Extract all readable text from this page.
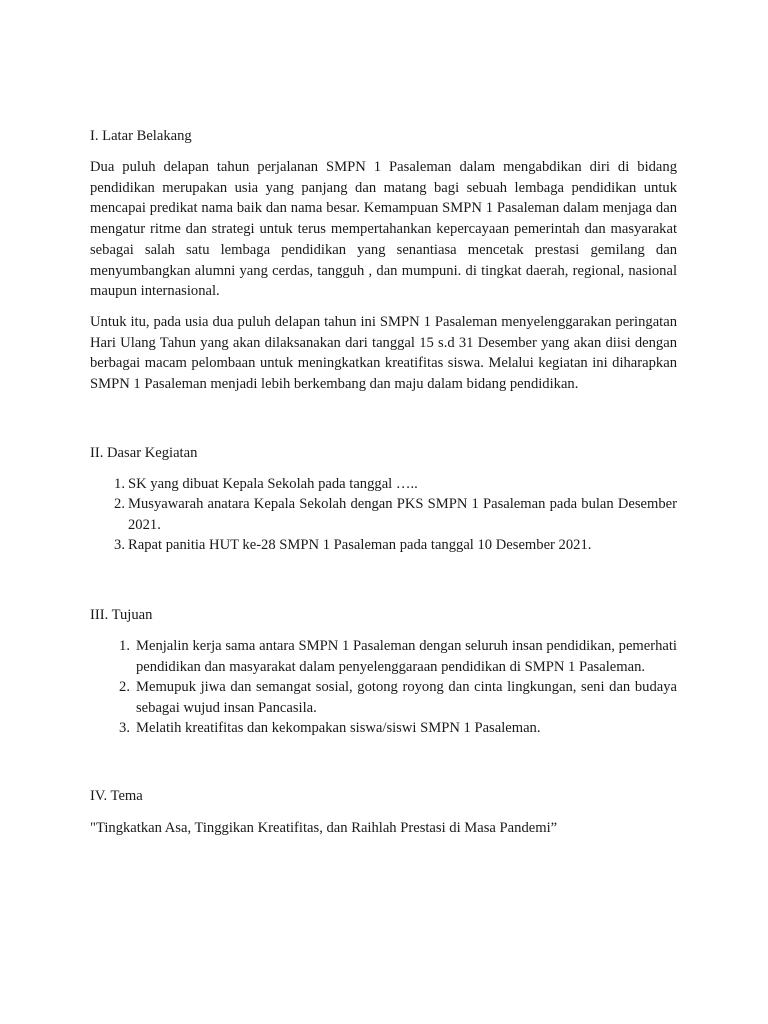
I. Latar Belakang

Dua puluh delapan tahun perjalanan SMPN 1 Pasaleman dalam mengabdikan diri di bidang pendidikan merupakan usia yang panjang dan matang bagi sebuah lembaga pendidikan untuk mencapai predikat nama baik dan nama besar. Kemampuan SMPN 1 Pasaleman dalam menjaga dan mengatur ritme dan strategi untuk terus mempertahankan kepercayaan pemerintah dan masyarakat sebagai salah satu lembaga pendidikan yang senantiasa mencetak prestasi gemilang dan menyumbangkan alumni yang cerdas, tangguh , dan mumpuni. di tingkat daerah, regional, nasional maupun internasional.

Untuk itu, pada usia dua puluh delapan tahun ini SMPN 1 Pasaleman menyelenggarakan peringatan Hari Ulang Tahun yang akan dilaksanakan dari tanggal 15 s.d 31 Desember yang akan diisi dengan berbagai macam pelombaan untuk meningkatkan kreatifitas siswa. Melalui kegiatan ini diharapkan SMPN 1 Pasaleman menjadi lebih berkembang dan maju dalam bidang pendidikan.

II. Dasar Kegiatan

1. SK yang dibuat Kepala Sekolah pada tanggal …..
2. Musyawarah anatara Kepala Sekolah dengan PKS SMPN 1 Pasaleman pada bulan Desember 2021.
3. Rapat panitia HUT ke-28 SMPN 1 Pasaleman pada tanggal 10 Desember 2021.

III. Tujuan

1. Menjalin kerja sama antara SMPN 1 Pasaleman dengan seluruh insan pendidikan, pemerhati pendidikan dan masyarakat dalam penyelenggaraan pendidikan di SMPN 1 Pasaleman.
2. Memupuk jiwa dan semangat sosial, gotong royong dan cinta lingkungan, seni dan budaya sebagai wujud insan Pancasila.
3. Melatih kreatifitas dan kekompakan siswa/siswi SMPN 1 Pasaleman.

IV. Tema

"Tingkatkan Asa, Tinggikan Kreatifitas, dan Raihlah Prestasi di Masa Pandemi”
